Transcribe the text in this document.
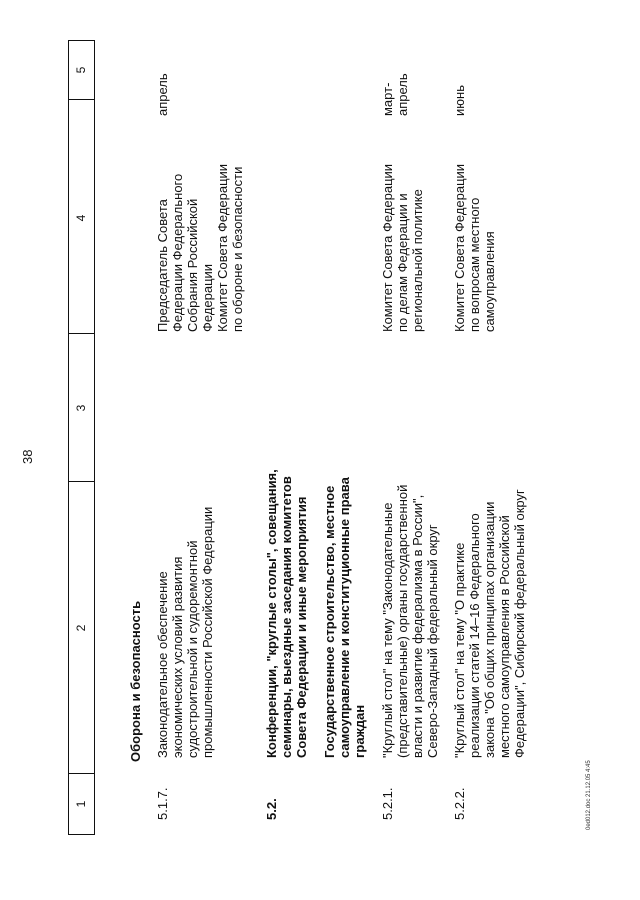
38
1
2
3
4
5
Оборона и безопасность
5.1.7.
Законодательное обеспечение экономических условий развития судостроительной и судоремонтной промышленности Российской Федерации
Председатель Совета Федерации Федерального Собрания Российской Федерации Комитет Совета Федерации по обороне и безопасности
апрель
5.2.
Конференции, "круглые столы", совещания, семинары, выездные заседания комитетов Совета Федерации и иные мероприятия Государственное строительство, местное самоуправление и конституционные права граждан
5.2.1.
"Круглый стол" на тему "Законодательные (представительные) органы государственной власти и развитие федерализма в России", Северо-Западный федеральный округ
Комитет Совета Федерации по делам Федерации и региональной политике
март- апрель
5.2.2.
"Круглый стол" на тему "О практике реализации статей 14–16 Федерального закона "Об общих принципах организации местного самоуправления в Российской Федерации", Сибирский федеральный округ
Комитет Совета Федерации по вопросам местного самоуправления
июнь
0ed012.doc 21.12.05 4:45
